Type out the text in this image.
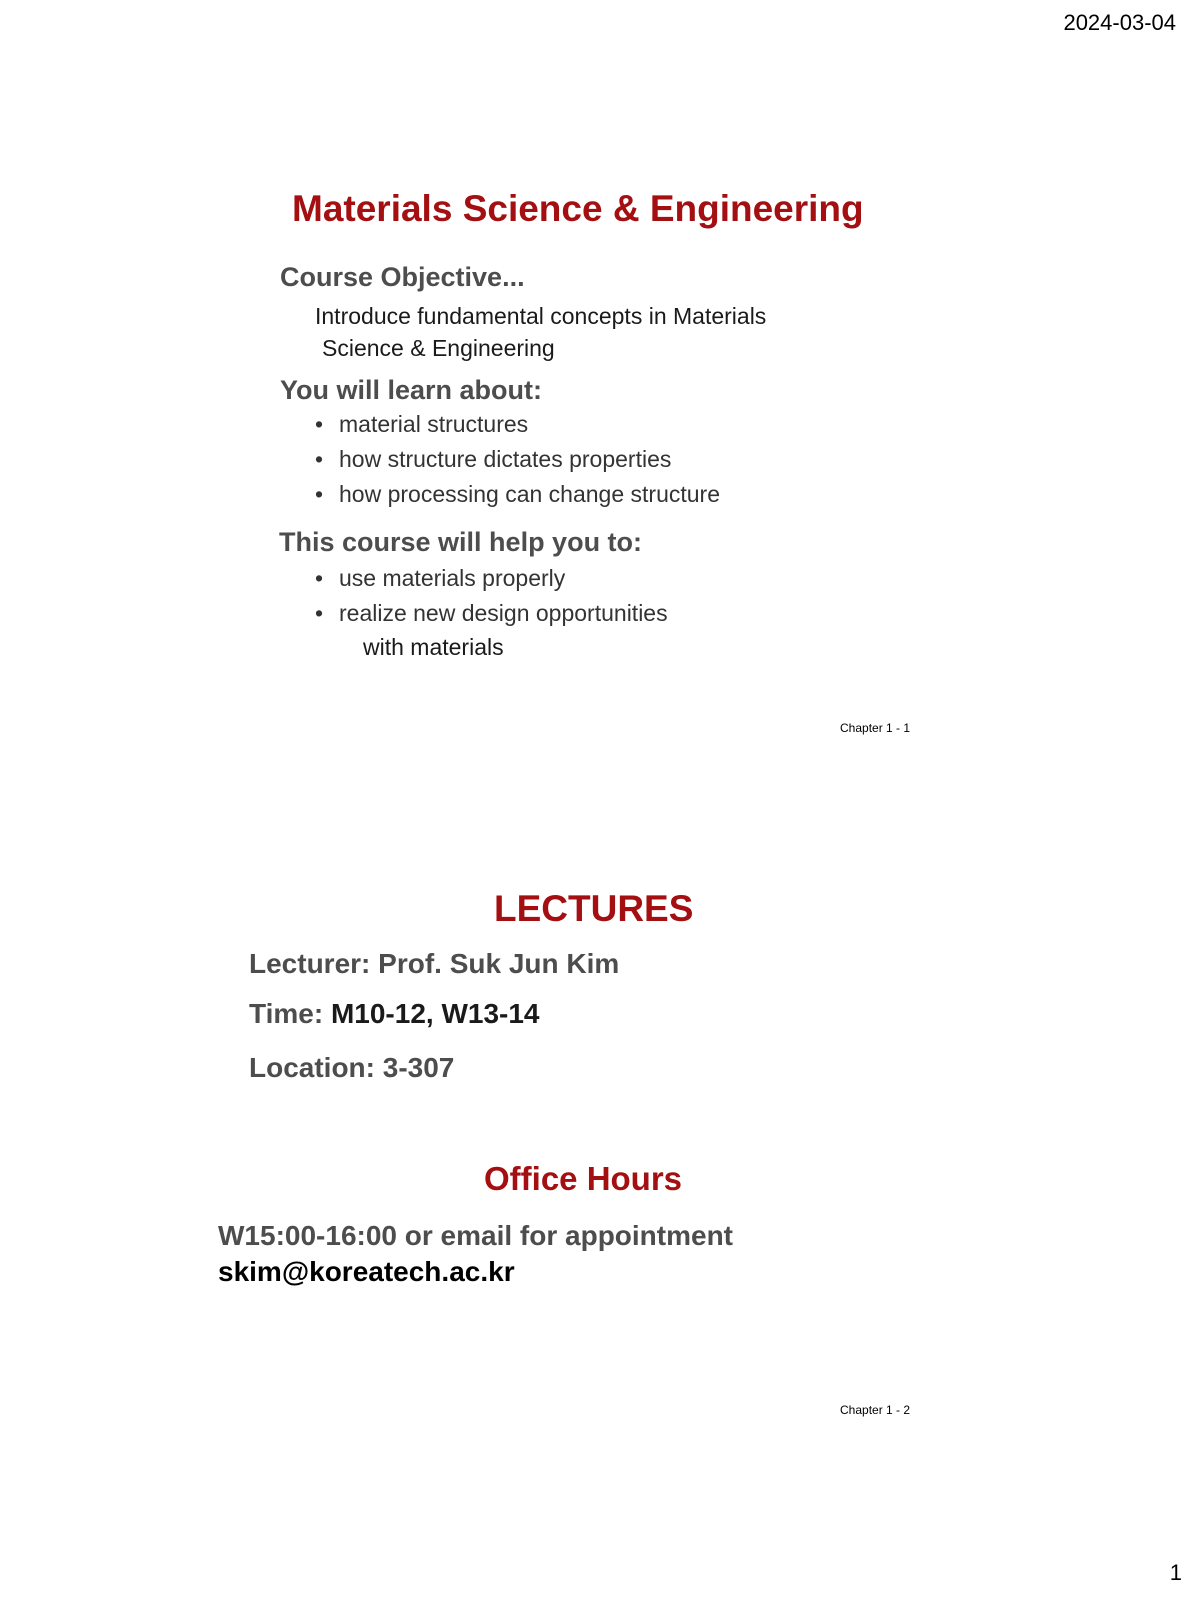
2024-03-04
Materials Science & Engineering
Course Objective...
Introduce fundamental concepts in Materials
Science & Engineering
You will learn about:
• material structures
• how structure dictates properties
• how processing can change structure
This course will help you to:
• use materials properly
• realize new design opportunities
with materials
Chapter 1 - 1
LECTURES
Lecturer: Prof. Suk Jun Kim
Time: M10-12, W13-14
Location: 3-307
Office Hours
W15:00-16:00 or email for appointment
skim@koreatech.ac.kr
Chapter 1 - 2
1
